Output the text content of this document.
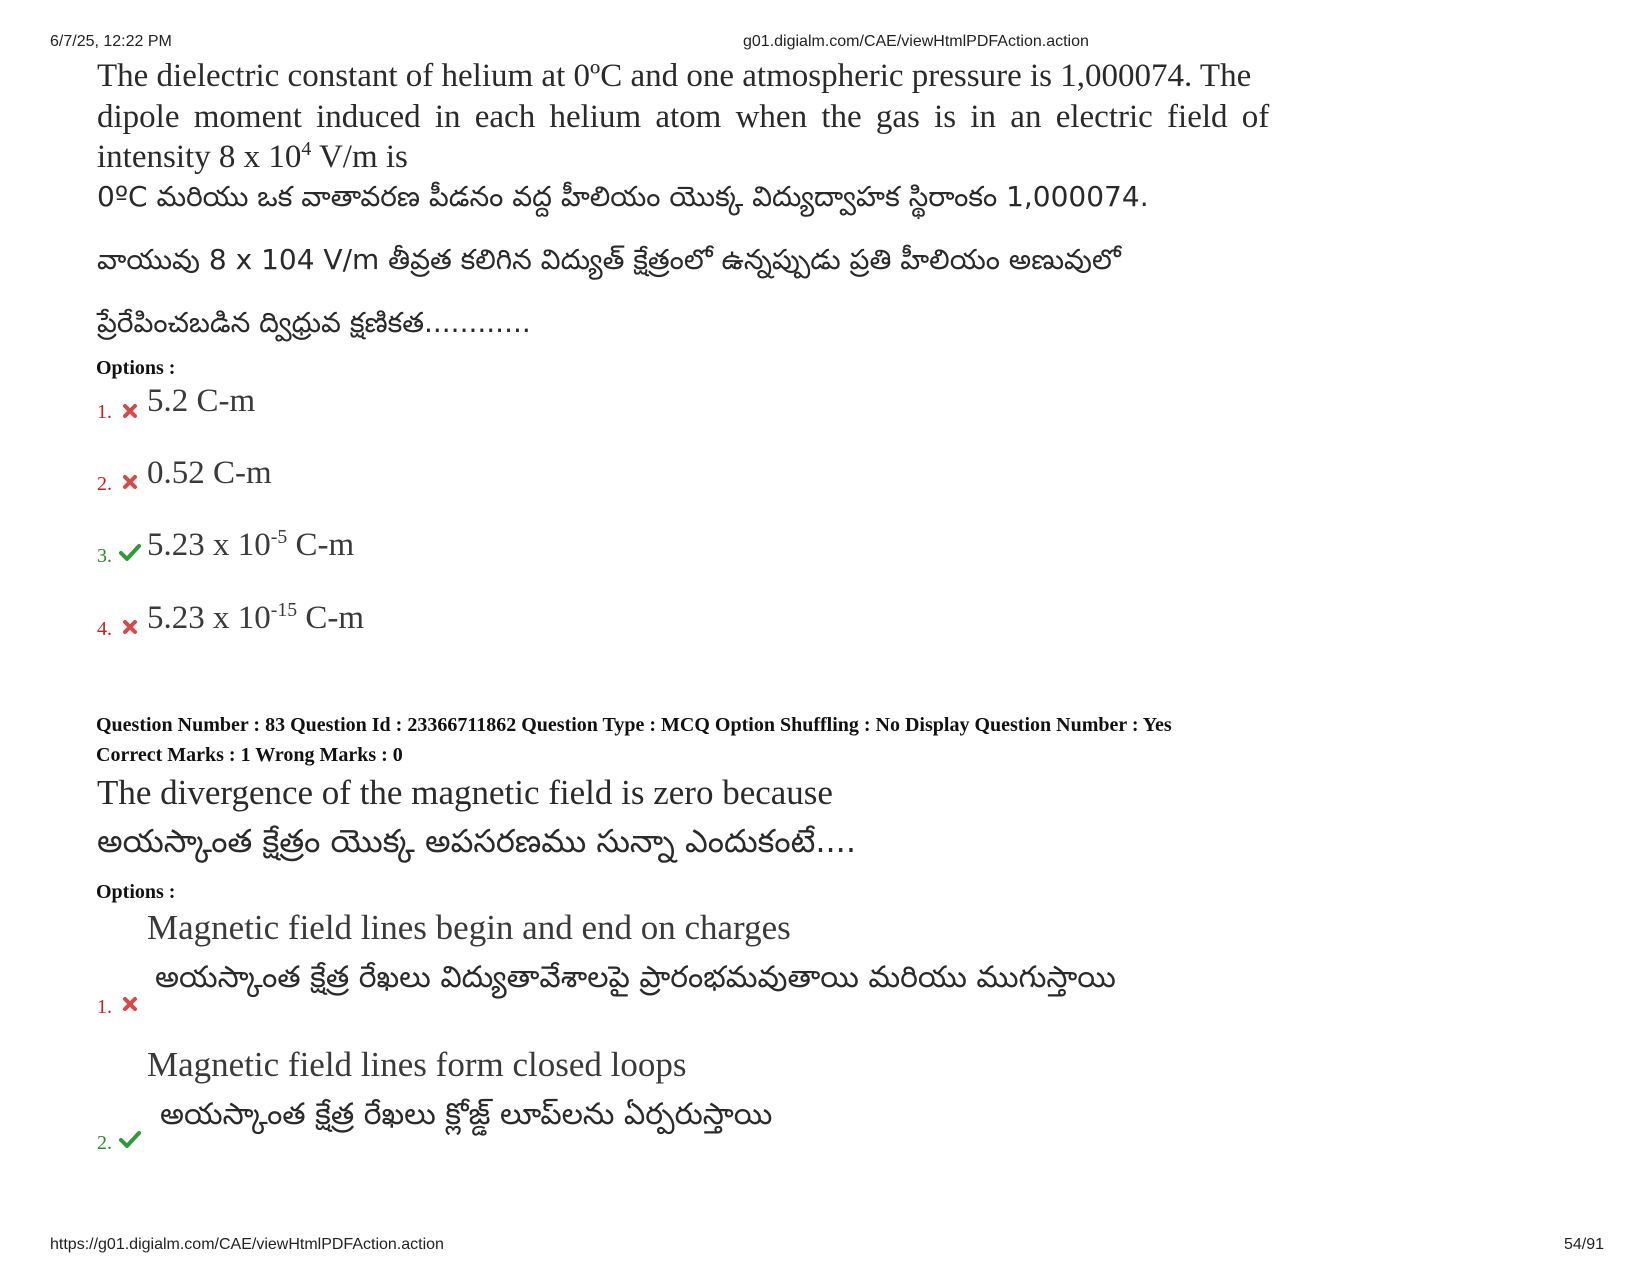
6/7/25, 12:22 PM	g01.digialm.com/CAE/viewHtmlPDFAction.action
The dielectric constant of helium at 0ºC and one atmospheric pressure is 1,000074. The
dipole moment induced in each helium atom when the gas is in an electric field of
intensity 8 x $10^4$ V/m is
0ºC మరియు ఒక వాతావరణ పీడనం వద్ద హీలియం యొక్క విద్యుద్వాహక స్థిరాంకం 1,000074.
వాయువు 8 x 104 V/m తీవ్రత కలిగిన విద్యుత్ క్షేత్రంలో ఉన్నప్పుడు ప్రతి హీలియం అణువులో
ప్రేరేపించబడిన ద్విధ్రువ క్షణికత............
Options :
1. 5.2 C-m
2. 0.52 C-m
3. 5.23 x $10^{-5}$ C-m
4. 5.23 x $10^{-15}$ C-m
Question Number : 83 Question Id : 23366711862 Question Type : MCQ Option Shuffling : No Display Question Number : Yes
Correct Marks : 1 Wrong Marks : 0
The divergence of the magnetic field is zero because
అయస్కాంత క్షేత్రం యొక్క అపసరణము సున్నా ఎందుకంటే....
Options :
Magnetic field lines begin and end on charges
అయస్కాంత క్షేత్ర రేఖలు విద్యుతావేశాలపై ప్రారంభమవుతాయి మరియు ముగుస్తాయి
1.
Magnetic field lines form closed loops
అయస్కాంత క్షేత్ర రేఖలు క్లోజ్డ్ లూప్‌లను ఏర్పరుస్తాయి
2.
https://g01.digialm.com/CAE/viewHtmlPDFAction.action	54/91
